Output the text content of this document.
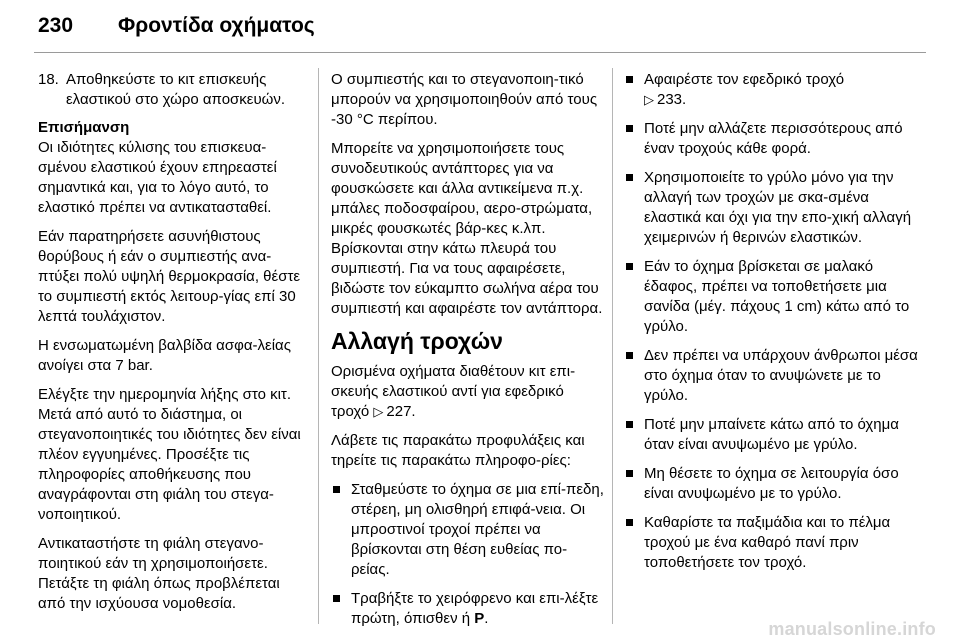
230 Φροντίδα οχήματος
18. Αποθηκεύστε το κιτ επισκευής ελαστικού στο χώρο αποσκευών.

Επισήμανση
Οι ιδιότητες κύλισης του επισκευα-σμένου ελαστικού έχουν επηρεαστεί σημαντικά και, για το λόγο αυτό, το ελαστικό πρέπει να αντικατασταθεί.

Εάν παρατηρήσετε ασυνήθιστους θορύβους ή εάν ο συμπιεστής ανα-πτύξει πολύ υψηλή θερμοκρασία, θέστε το συμπιεστή εκτός λειτουρ-γίας επί 30 λεπτά τουλάχιστον.

Η ενσωματωμένη βαλβίδα ασφα-λείας ανοίγει στα 7 bar.

Ελέγξτε την ημερομηνία λήξης στο κιτ. Μετά από αυτό το διάστημα, οι στεγανοποιητικές του ιδιότητες δεν είναι πλέον εγγυημένες. Προσέξτε τις πληροφορίες αποθήκευσης που αναγράφονται στη φιάλη του στεγα-νοποιητικού.

Αντικαταστήστε τη φιάλη στεγανο-ποιητικού εάν τη χρησιμοποιήσετε. Πετάξτε τη φιάλη όπως προβλέπεται από την ισχύουσα νομοθεσία.

Ο συμπιεστής και το στεγανοποιη-τικό μπορούν να χρησιμοποιηθούν από τους -30 °C περίπου.

Μπορείτε να χρησιμοποιήσετε τους συνοδευτικούς αντάπτορες για να φουσκώσετε και άλλα αντικείμενα π.χ. μπάλες ποδοσφαίρου, αερο-στρώματα, μικρές φουσκωτές βάρ-κες κ.λπ. Βρίσκονται στην κάτω πλευρά του συμπιεστή. Για να τους αφαιρέσετε, βιδώστε τον εύκαμπτο σωλήνα αέρα του συμπιεστή και αφαιρέστε τον αντάπτορα.

Αλλαγή τροχών

Ορισμένα οχήματα διαθέτουν κιτ επι-σκευής ελαστικού αντί για εφεδρικό τροχό ▷ 227.

Λάβετε τις παρακάτω προφυλάξεις και τηρείτε τις παρακάτω πληροφο-ρίες:

Σταθμεύστε το όχημα σε μια επί-πεδη, στέρεη, μη ολισθηρή επιφά-νεια. Οι μπροστινοί τροχοί πρέπει να βρίσκονται στη θέση ευθείας πο-ρείας.
Τραβήξτε το χειρόφρενο και επι-λέξτε πρώτη, όπισθεν ή P.
Αφαιρέστε τον εφεδρικό τροχό
▷ 233.
Ποτέ μην αλλάζετε περισσότερους από έναν τροχούς κάθε φορά.
Χρησιμοποιείτε το γρύλο μόνο για την αλλαγή των τροχών με σκα-σμένα ελαστικά και όχι για την επο-χική αλλαγή χειμερινών ή θερινών ελαστικών.
Εάν το όχημα βρίσκεται σε μαλακό έδαφος, πρέπει να τοποθετήσετε μια σανίδα (μέγ. πάχους 1 cm) κάτω από το γρύλο.
Δεν πρέπει να υπάρχουν άνθρωποι μέσα στο όχημα όταν το ανυψώνετε με το γρύλο.
Ποτέ μην μπαίνετε κάτω από το όχημα όταν είναι ανυψωμένο με γρύλο.
Μη θέσετε το όχημα σε λειτουργία όσο είναι ανυψωμένο με το γρύλο.
Καθαρίστε τα παξιμάδια και το πέλμα τροχού με ένα καθαρό πανί πριν τοποθετήσετε τον τροχό.
manualsonline.info
